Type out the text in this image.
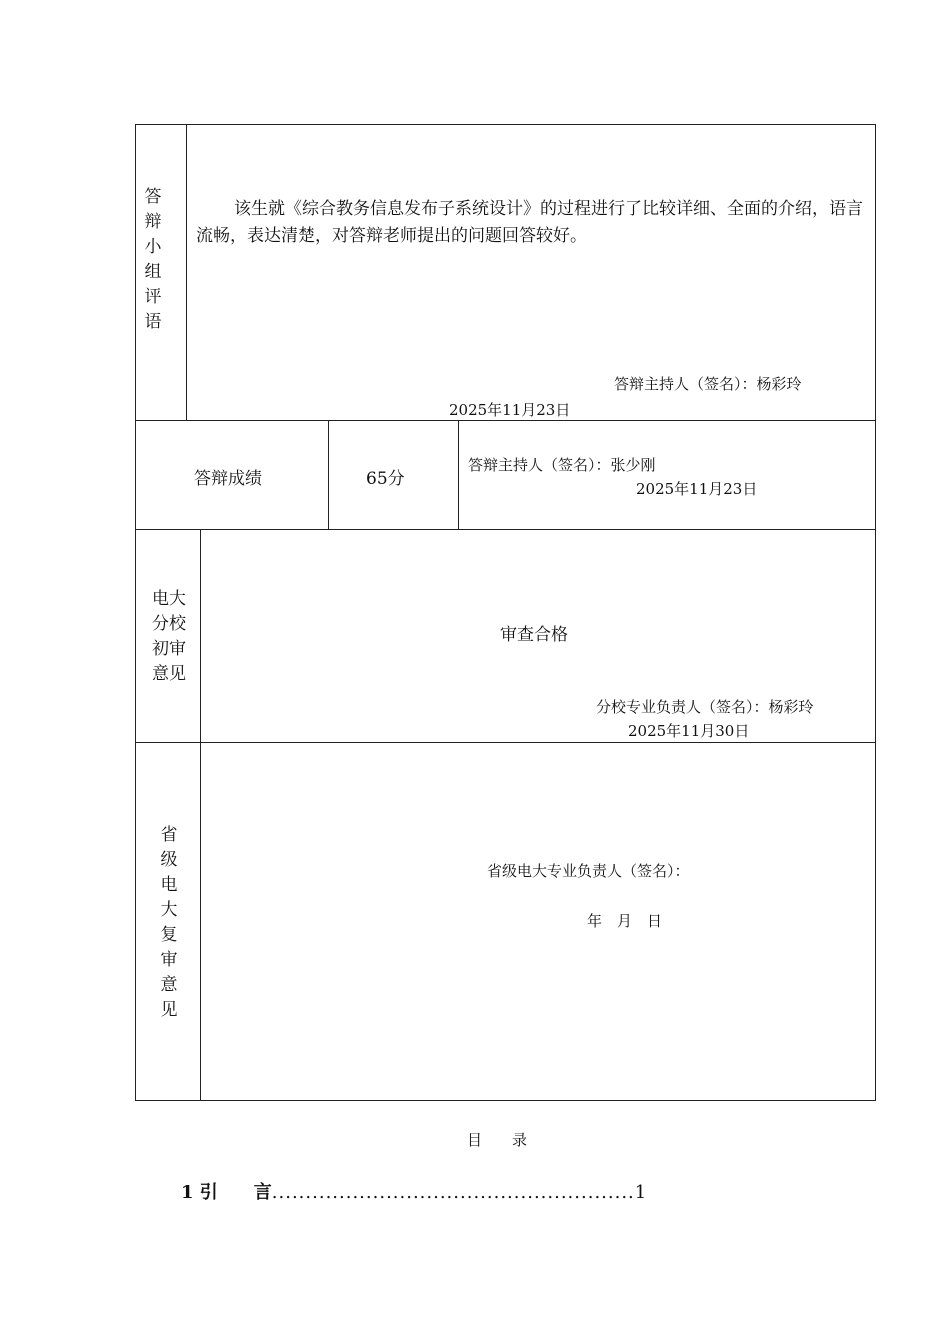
答
辩
小
组
评
语
该生就《综合教务信息发布子系统设计》的过程进行了比较详细、全面的介绍，语言流畅，表达清楚，对答辩老师提出的问题回答较好。
答辩主持人（签名）：杨彩玲
2025年11月23日
答辩成绩	65分
答辩主持人（签名）：张少刚
2025年11月23日
电大
分校
初审
意见
审查合格
分校专业负责人（签名）：杨彩玲
2025年11月30日
省
级
电
大
复
审
意
见
省级电大专业负责人（签名）：
年　月　日
目　　录
1 引　　言......................................................1
